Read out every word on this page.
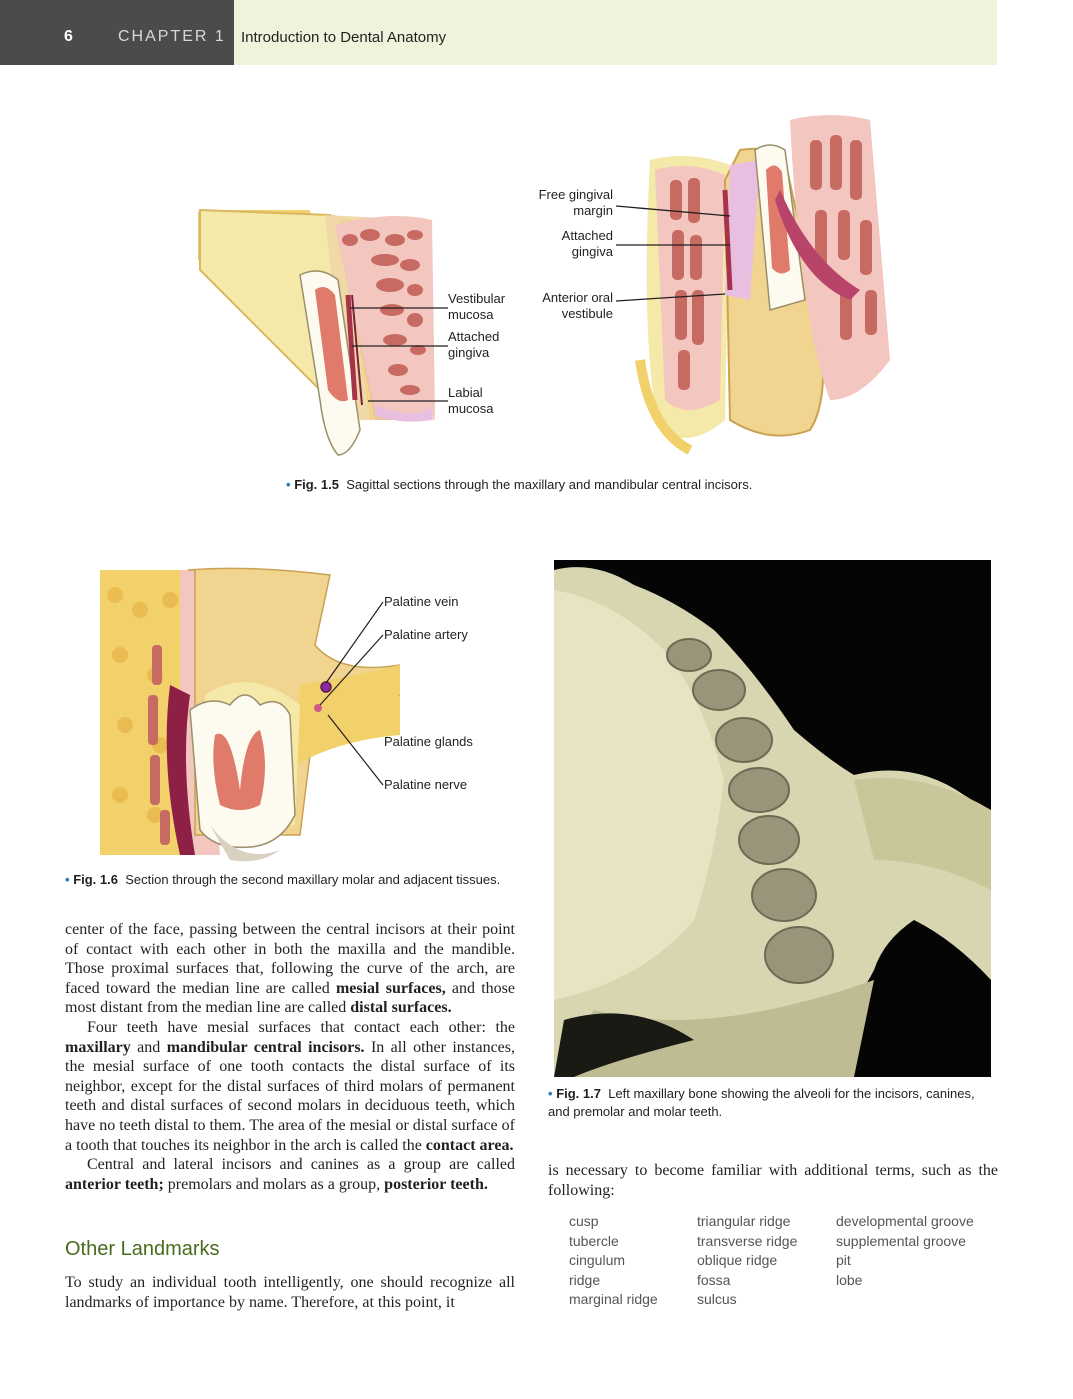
6	CHAPTER 1 Introduction to Dental Anatomy
Vestibular
mucosa
Attached
gingiva
Labial
mucosa
Free gingival
margin
Attached
gingiva
Anterior oral
vestibule
• Fig. 1.5 Sagittal sections through the maxillary and mandibular central incisors.
Palatine vein
Palatine artery
Palatine glands
Palatine nerve
• Fig. 1.6 Section through the second maxillary molar and adjacent tissues.
• Fig. 1.7 Left maxillary bone showing the alveoli for the incisors, canines,
and premolar and molar teeth.

center of the face, passing between the central incisors at their point of contact with each other in both the maxilla and the mandible. Those proximal surfaces that, following the curve of the arch, are faced toward the median line are called mesial surfaces, and those most distant from the median line are called distal surfaces.

Four teeth have mesial surfaces that contact each other: the maxillary and mandibular central incisors. In all other instances, the mesial surface of one tooth contacts the distal surface of its neighbor, except for the distal surfaces of third molars of permanent teeth and distal surfaces of second molars in deciduous teeth, which have no teeth distal to them. The area of the mesial or distal surface of a tooth that touches its neighbor in the arch is called the contact area.

Central and lateral incisors and canines as a group are called anterior teeth; premolars and molars as a group, posterior teeth.

Other Landmarks
To study an individual tooth intelligently, one should recognize all landmarks of importance by name. Therefore, at this point, it
is necessary to become familiar with additional terms, such as the following:
cusp
tubercle
cingulum
ridge
marginal ridge
triangular ridge
transverse ridge
oblique ridge
fossa
sulcus
developmental groove
supplemental groove
pit
lobe
